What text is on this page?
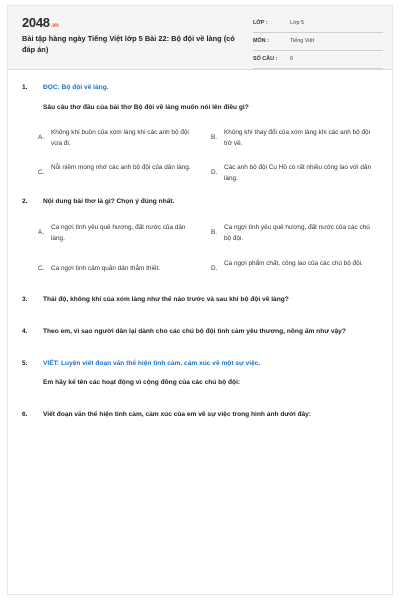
2048.vn
Bài tập hàng ngày Tiếng Việt lớp 5 Bài 22: Bộ đội về làng (có đáp án)
LỚP :	Lớp 5
MÔN :	Tiếng Việt
SỐ CÂU : 6
1. ĐỌC: Bộ đội về làng.
Sâu câu thơ đầu của bài thơ Bộ đội về làng muốn nói lên điều gì?
A.
Không khí buồn của xóm làng khi các anh bộ đội vừa đi.
B.
Không khí thay đổi của xóm làng khi các anh bộ đội trở về.
C.
Nỗi niềm mong nhớ các anh bộ đội của dân làng.
D.
Các anh bộ đội Cụ Hồ có rất nhiều công lao với dân làng.
2. Nội dung bài thơ là gì? Chọn ý đúng nhất.
A.
Ca ngợi tình yêu quê hương, đất nước của dân làng.
B.
Ca ngợi tình yêu quê hương, đất nước của các chú bộ đội.
C. Ca ngợi tình cảm quân dân thắm thiết.	D.
Ca ngợi phẩm chất, công lao của các chú bộ đội.
3. Thái độ, không khí của xóm làng như thế nào trước và sau khi bộ đội về làng?
4. Theo em, vì sao người dân lại dành cho các chú bộ đội tình cảm yêu thương, nồng ấm như vậy?
5. VIẾT: Luyện viết đoạn văn thể hiện tình cảm, cảm xúc về một sự việc.
Em hãy kể tên các hoạt động vì cộng đồng của các chú bộ đội:
6. Viết đoạn văn thể hiện tình cảm, cảm xúc của em về sự việc trong hình ảnh dưới đây:
